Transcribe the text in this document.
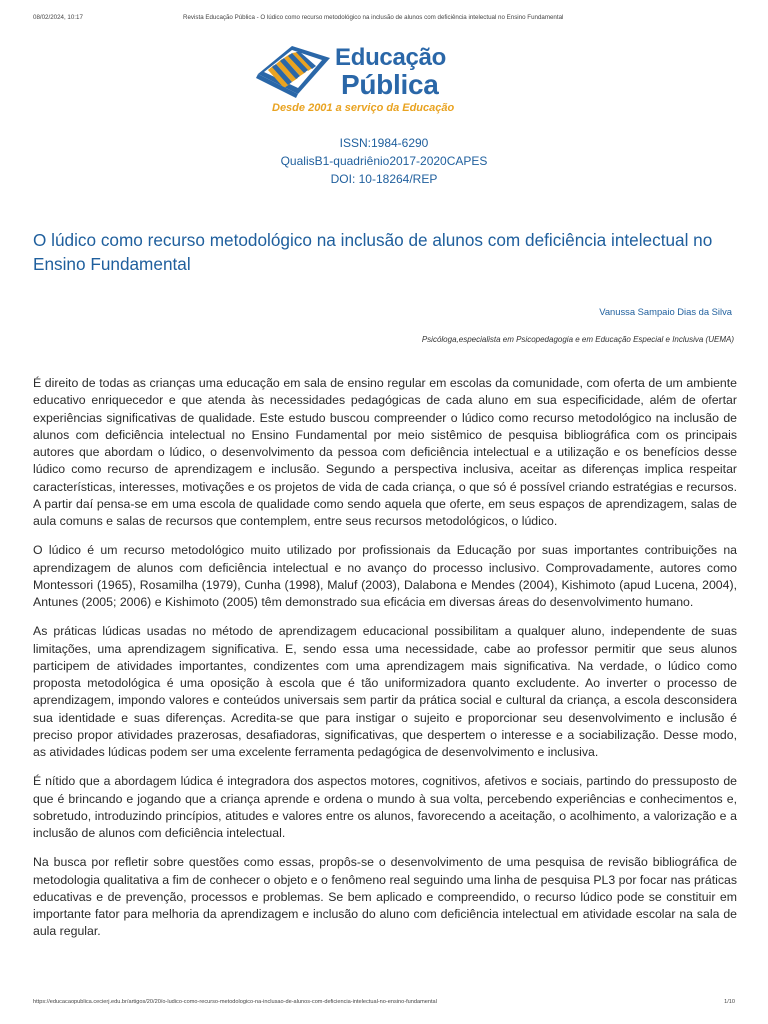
08/02/2024, 10:17	Revista Educação Pública - O lúdico como recurso metodológico na inclusão de alunos com deficiência intelectual no Ensino Fundamental
Educação
Pública
Desde 2001 a serviço da Educação
ISSN:1984-6290
QualisB1-quadriênio2017-2020CAPES
DOI: 10-18264/REP
O lúdico como recurso metodológico na inclusão de alunos com deficiência intelectual no Ensino Fundamental
Vanussa Sampaio Dias da Silva
Psicóloga,especialista em Psicopedagogia e em Educação Especial e Inclusiva (UEMA)

É direito de todas as crianças uma educação em sala de ensino regular em escolas da comunidade, com oferta de um ambiente educativo enriquecedor e que atenda às necessidades pedagógicas de cada aluno em sua especificidade, além de ofertar experiências significativas de qualidade. Este estudo buscou compreender o lúdico como recurso metodológico na inclusão de alunos com deficiência intelectual no Ensino Fundamental por meio sistêmico de pesquisa bibliográfica com os principais autores que abordam o lúdico, o desenvolvimento da pessoa com deficiência intelectual e a utilização e os benefícios desse lúdico como recurso de aprendizagem e inclusão. Segundo a perspectiva inclusiva, aceitar as diferenças implica respeitar características, interesses, motivações e os projetos de vida de cada criança, o que só é possível criando estratégias e recursos. A partir daí pensa-se em uma escola de qualidade como sendo aquela que oferte, em seus espaços de aprendizagem, salas de aula comuns e salas de recursos que contemplem, entre seus recursos metodológicos, o lúdico.

O lúdico é um recurso metodológico muito utilizado por profissionais da Educação por suas importantes contribuições na aprendizagem de alunos com deficiência intelectual e no avanço do processo inclusivo. Comprovadamente, autores como Montessori (1965), Rosamilha (1979), Cunha (1998), Maluf (2003), Dalabona e Mendes (2004), Kishimoto (apud Lucena, 2004), Antunes (2005; 2006) e Kishimoto (2005) têm demonstrado sua eficácia em diversas áreas do desenvolvimento humano.

As práticas lúdicas usadas no método de aprendizagem educacional possibilitam a qualquer aluno, independente de suas limitações, uma aprendizagem significativa. E, sendo essa uma necessidade, cabe ao professor permitir que seus alunos participem de atividades importantes, condizentes com uma aprendizagem mais significativa. Na verdade, o lúdico como proposta metodológica é uma oposição à escola que é tão uniformizadora quanto excludente. Ao inverter o processo de aprendizagem, impondo valores e conteúdos universais sem partir da prática social e cultural da criança, a escola desconsidera sua identidade e suas diferenças. Acredita-se que para instigar o sujeito e proporcionar seu desenvolvimento e inclusão é preciso propor atividades prazerosas, desafiadoras, significativas, que despertem o interesse e a sociabilização. Desse modo, as atividades lúdicas podem ser uma excelente ferramenta pedagógica de desenvolvimento e inclusiva.

É nítido que a abordagem lúdica é integradora dos aspectos motores, cognitivos, afetivos e sociais, partindo do pressuposto de que é brincando e jogando que a criança aprende e ordena o mundo à sua volta, percebendo experiências e conhecimentos e, sobretudo, introduzindo princípios, atitudes e valores entre os alunos, favorecendo a aceitação, o acolhimento, a valorização e a inclusão de alunos com deficiência intelectual.

Na busca por refletir sobre questões como essas, propôs-se o desenvolvimento de uma pesquisa de revisão bibliográfica de metodologia qualitativa a fim de conhecer o objeto e o fenômeno real seguindo uma linha de pesquisa PL3 por focar nas práticas educativas e de prevenção, processos e problemas. Se bem aplicado e compreendido, o recurso lúdico pode se constituir em importante fator para melhoria da aprendizagem e inclusão do aluno com deficiência intelectual em atividade escolar na sala de aula regular.

https://educacaopublica.cecierj.edu.br/artigos/20/20/o-ludico-como-recurso-metodologico-na-inclusao-de-alunos-com-deficiencia-intelectual-no-ensino-fundamental	1/10
